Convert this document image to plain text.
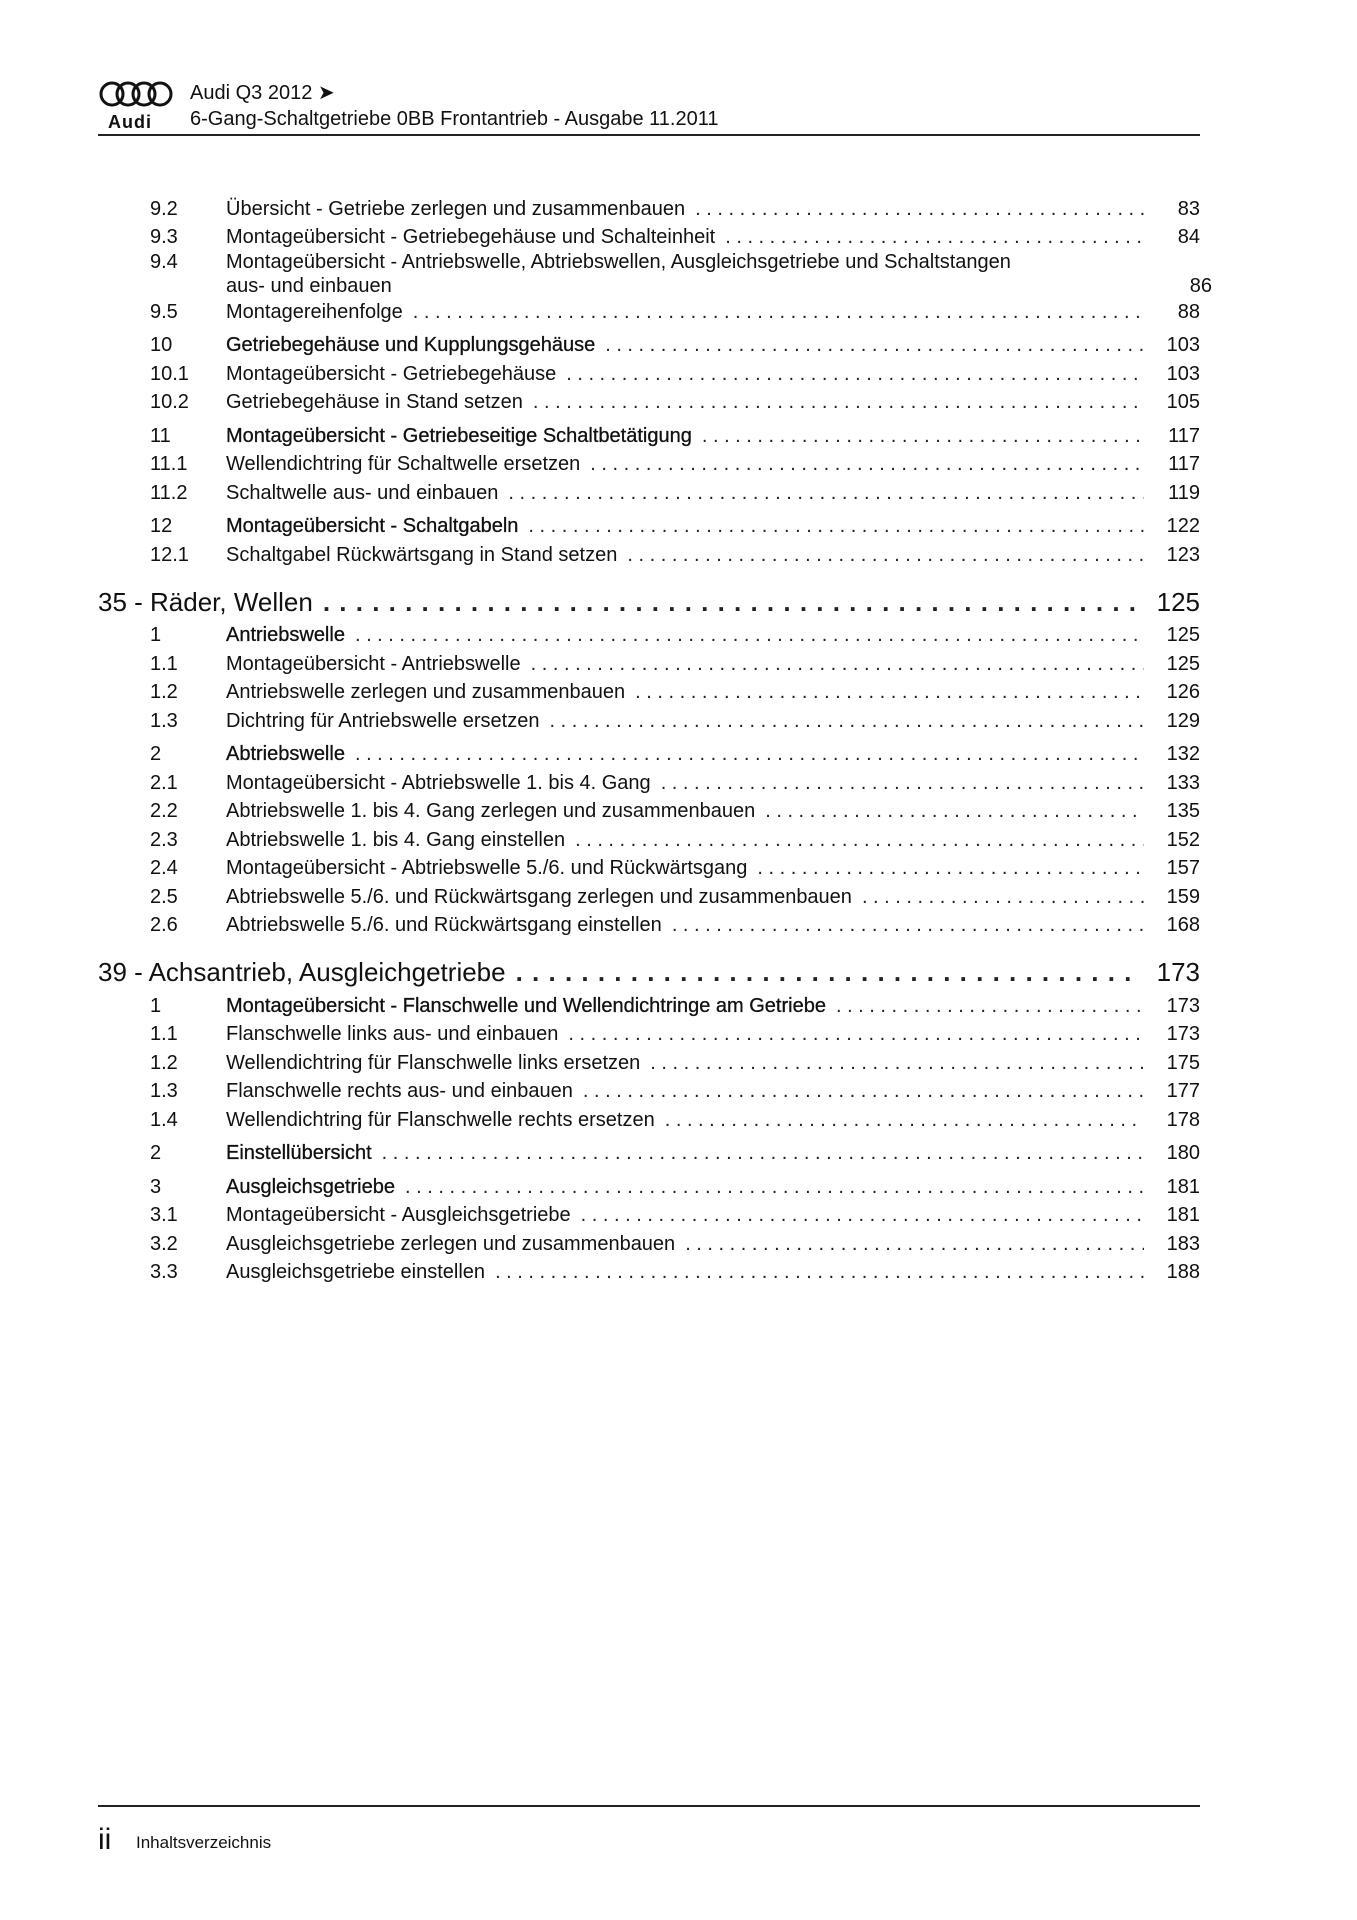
Audi
Audi Q3 2012 ➤
6-Gang-Schaltgetriebe 0BB Frontantrieb - Ausgabe 11.2011
9.2	Übersicht - Getriebe zerlegen und zusammenbauen . . .	83
9.3	Montageübersicht - Getriebegehäuse und Schalteinheit . . .	84
9.4	Montageübersicht - Antriebswelle, Abtriebswellen, Ausgleichsgetriebe und Schaltstangen
aus- und einbauen	86
9.5	Montagereihenfolge . . .	88
10	Getriebegehäuse und Kupplungsgehäuse . . .	103
10.1	Montageübersicht - Getriebegehäuse . . .	103
10.2	Getriebegehäuse in Stand setzen . . .	105
11	Montageübersicht - Getriebeseitige Schaltbetätigung . . .	117
11.1	Wellendichtring für Schaltwelle ersetzen . . .	117
11.2	Schaltwelle aus- und einbauen . . .	119
12	Montageübersicht - Schaltgabeln . . .	122
12.1	Schaltgabel Rückwärtsgang in Stand setzen . . .	123
35 - Räder, Wellen . . .	125
1	Antriebswelle . . .	125
1.1	Montageübersicht - Antriebswelle . . .	125
1.2	Antriebswelle zerlegen und zusammenbauen . . .	126
1.3	Dichtring für Antriebswelle ersetzen . . .	129
2	Abtriebswelle . . .	132
2.1	Montageübersicht - Abtriebswelle 1. bis 4. Gang . . .	133
2.2	Abtriebswelle 1. bis 4. Gang zerlegen und zusammenbauen . . .	135
2.3	Abtriebswelle 1. bis 4. Gang einstellen . . .	152
2.4	Montageübersicht - Abtriebswelle 5./6. und Rückwärtsgang . . .	157
2.5	Abtriebswelle 5./6. und Rückwärtsgang zerlegen und zusammenbauen . . .	159
2.6	Abtriebswelle 5./6. und Rückwärtsgang einstellen . . .	168
39 - Achsantrieb, Ausgleichgetriebe . . .	173
1	Montageübersicht - Flanschwelle und Wellendichtringe am Getriebe . . .	173
1.1	Flanschwelle links aus- und einbauen . . .	173
1.2	Wellendichtring für Flanschwelle links ersetzen . . .	175
1.3	Flanschwelle rechts aus- und einbauen . . .	177
1.4	Wellendichtring für Flanschwelle rechts ersetzen . . .	178
2	Einstellübersicht . . .	180
3	Ausgleichsgetriebe . . .	181
3.1	Montageübersicht - Ausgleichsgetriebe . . .	181
3.2	Ausgleichsgetriebe zerlegen und zusammenbauen . . .	183
3.3	Ausgleichsgetriebe einstellen . . .	188
ii Inhaltsverzeichnis
